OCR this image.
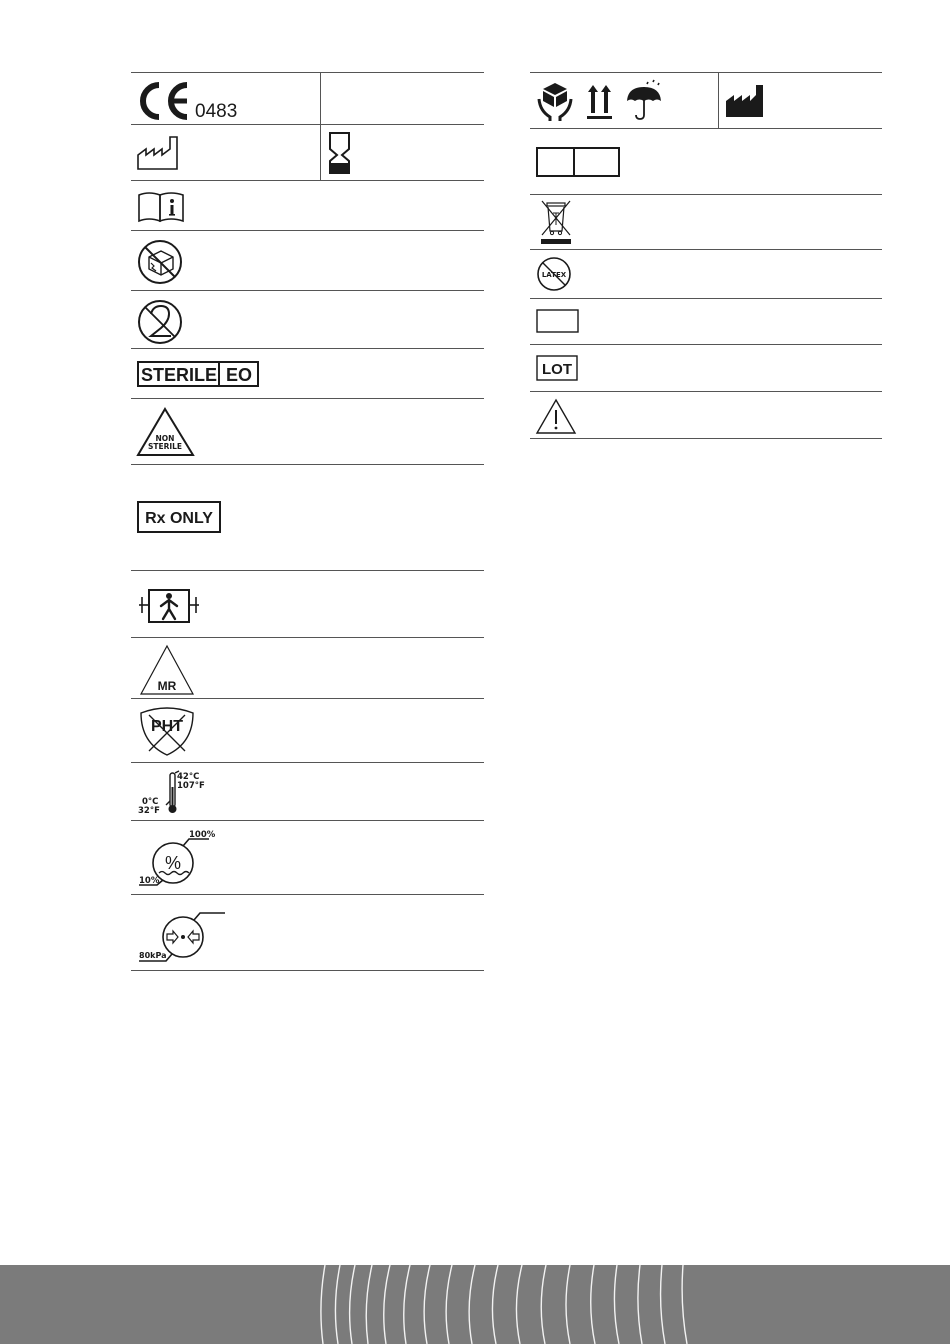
0483
STERILE EO
NON
STERILE
Rx ONLY
MR
PHT
42°C
107°F
0°C
32°F
%
100%
10%
80kPa
LATEX
LOT
